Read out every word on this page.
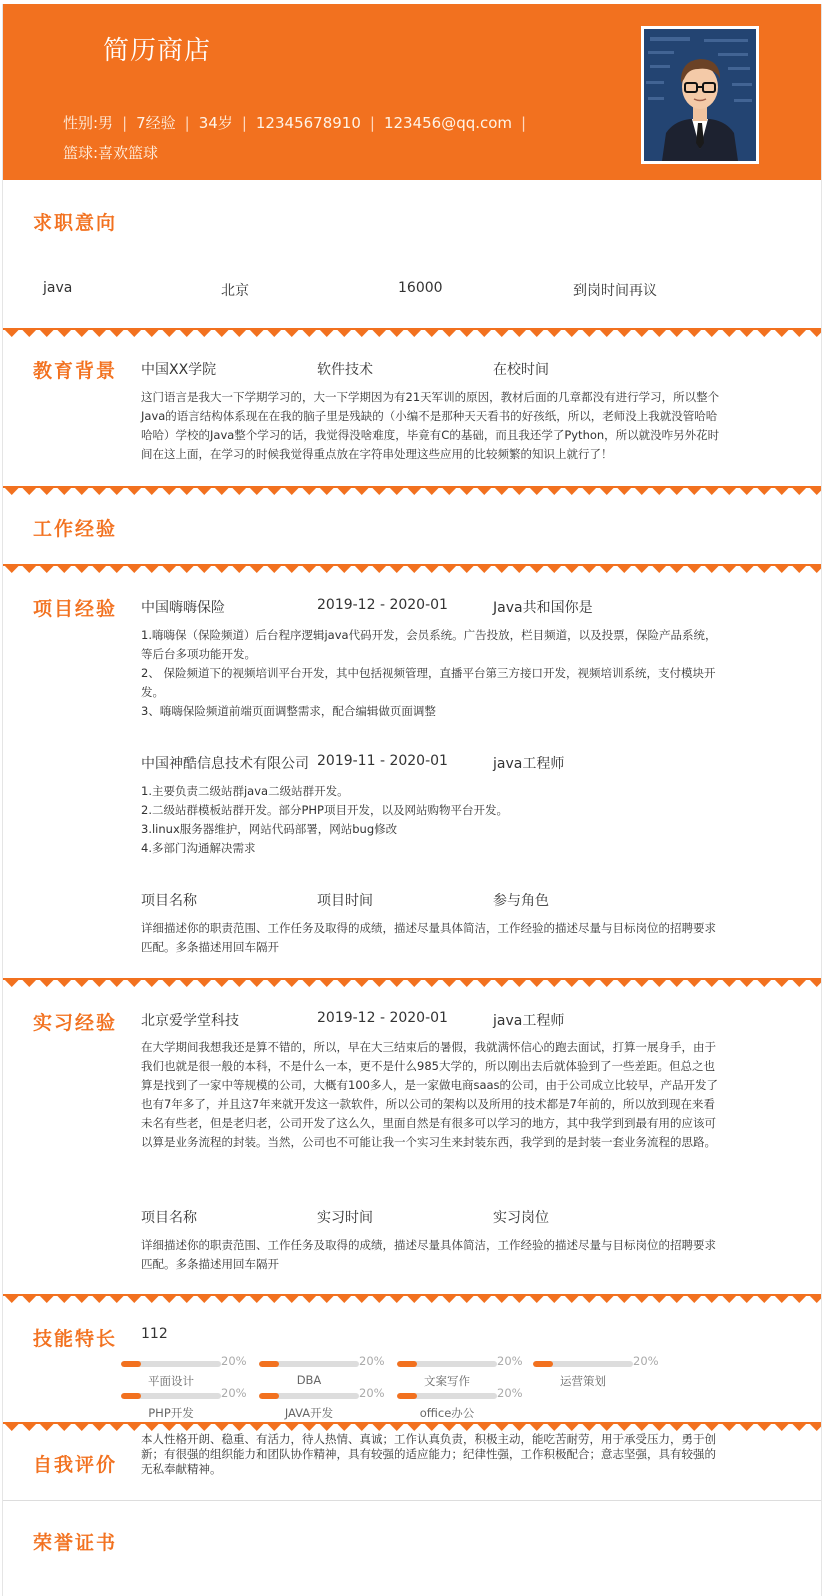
简历商店
性别:男 | 7经验 | 34岁 | 12345678910 | 123456@qq.com |
篮球:喜欢篮球
求职意向
java	北京	16000	到岗时间再议
教育背景 中国XX学院	软件技术	在校时间
这门语言是我大一下学期学习的，大一下学期因为有21天军训的原因，教材后面的几章都没有进行学习，所以整个Java的语言结构体系现在在我的脑子里是残缺的（小编不是那种天天看书的好孩纸，所以，老师没上我就没管哈哈哈哈）学校的Java整个学习的话，我觉得没啥难度，毕竟有C的基础，而且我还学了Python，所以就没咋另外花时间在这上面，在学习的时候我觉得重点放在字符串处理这些应用的比较频繁的知识上就行了！
工作经验
项目经验 中国嗨嗨保险	2019-12 - 2020-01	Java共和国你是
1.嗨嗨保（保险频道）后台程序逻辑java代码开发，会员系统。广告投放，栏目频道，以及投票，保险产品系统，等后台多项功能开发。
2、 保险频道下的视频培训平台开发，其中包括视频管理，直播平台第三方接口开发，视频培训系统，支付模块开发。
3、嗨嗨保险频道前端页面调整需求，配合编辑做页面调整
中国神酷信息技术有限公司 2019-11 - 2020-01	java工程师
1.主要负责二级站群java二级站群开发。
2.二级站群模板站群开发。部分PHP项目开发，以及网站购物平台开发。
3.linux服务器维护，网站代码部署，网站bug修改
4.多部门沟通解决需求
项目名称	项目时间	参与角色
详细描述你的职责范围、工作任务及取得的成绩，描述尽量具体简洁，工作经验的描述尽量与目标岗位的招聘要求匹配。多条描述用回车隔开
实习经验 北京爱学堂科技	2019-12 - 2020-01	java工程师
在大学期间我想我还是算不错的，所以，早在大三结束后的暑假，我就满怀信心的跑去面试，打算一展身手，由于我们也就是很一般的本科，不是什么一本，更不是什么985大学的，所以刚出去后就体验到了一些差距。但总之也算是找到了一家中等规模的公司，大概有100多人，是一家做电商saas的公司，由于公司成立比较早，产品开发了也有7年多了，并且这7年来就开发这一款软件，所以公司的架构以及所用的技术都是7年前的，所以放到现在来看未名有些老，但是老归老，公司开发了这么久，里面自然是有很多可以学习的地方，其中我学到到最有用的应该可以算是业务流程的封装。当然，公司也不可能让我一个实习生来封装东西，我学到的是封装一套业务流程的思路。
项目名称	实习时间	实习岗位
详细描述你的职责范围、工作任务及取得的成绩，描述尽量具体简洁，工作经验的描述尽量与目标岗位的招聘要求匹配。多条描述用回车隔开
技能特长 112
20%
平面设计
20%
DBA
20%
文案写作
20%
运营策划
20%
PHP开发
20%
JAVA开发
20%
office办公
自我评价
本人性格开朗、稳重、有活力，待人热情、真诚；工作认真负责，积极主动，能吃苦耐劳，用于承受压力，勇于创新；有很强的组织能力和团队协作精神，具有较强的适应能力；纪律性强，工作积极配合；意志坚强，具有较强的无私奉献精神。
荣誉证书
